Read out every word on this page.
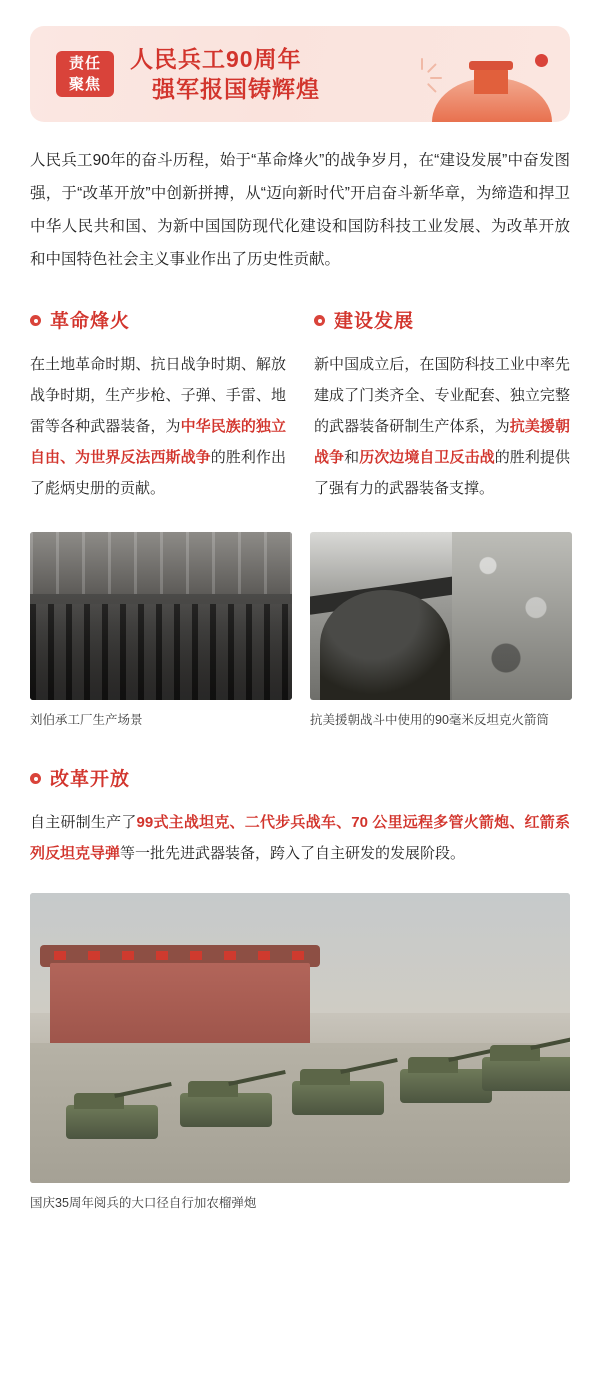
责任
聚焦
人民兵工90周年
强军报国铸辉煌

人民兵工90年的奋斗历程，始于“革命烽火”的战争岁月，在“建设发展”中奋发图强，于“改革开放”中创新拼搏，从“迈向新时代”开启奋斗新华章，为缔造和捍卫中华人民共和国、为新中国国防现代化建设和国防科技工业发展、为改革开放和中国特色社会主义事业作出了历史性贡献。

革命烽火
在土地革命时期、抗日战争时期、解放战争时期，生产步枪、子弹、手雷、地雷等各种武器装备，为中华民族的独立自由、为世界反法西斯战争的胜利作出了彪炳史册的贡献。
建设发展
新中国成立后，在国防科技工业中率先建成了门类齐全、专业配套、独立完整的武器装备研制生产体系，为抗美援朝战争和历次边境自卫反击战的胜利提供了强有力的武器装备支撑。
刘伯承工厂生产场景	抗美援朝战斗中使用的90毫米反坦克火箭筒
改革开放
自主研制生产了99式主战坦克、二代步兵战车、70 公里远程多管火箭炮、红箭系列反坦克导弹等一批先进武器装备，跨入了自主研发的发展阶段。
国庆35周年阅兵的大口径自行加农榴弹炮
